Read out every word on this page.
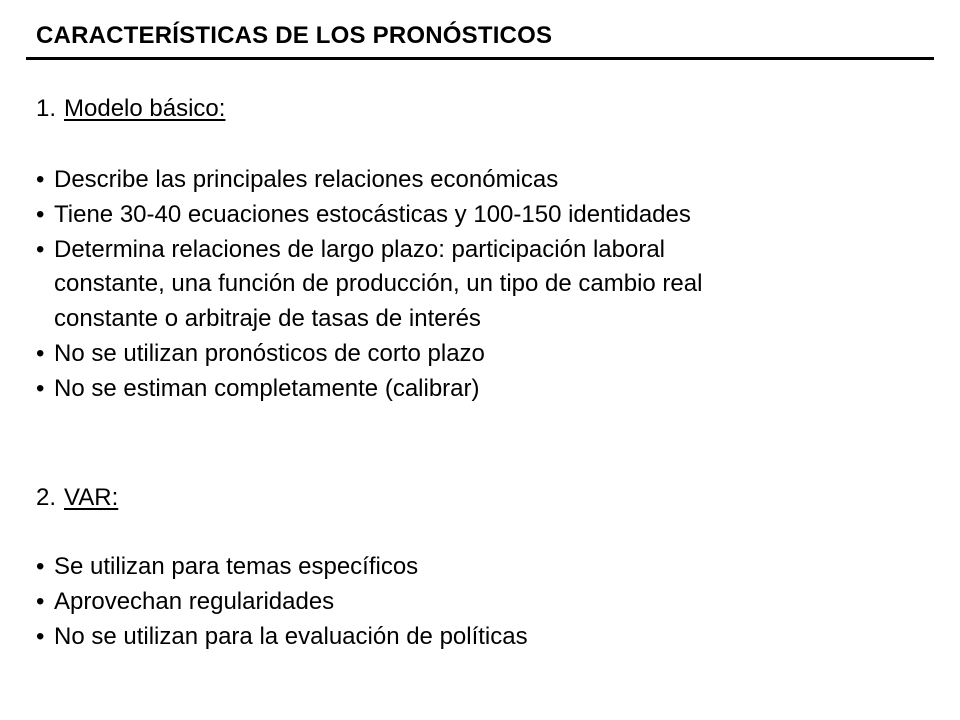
CARACTERÍSTICAS DE LOS PRONÓSTICOS
1. Modelo básico:
• Describe las principales relaciones económicas
• Tiene 30-40 ecuaciones estocásticas y 100-150 identidades
• Determina relaciones de largo plazo: participación laboral
constante, una función de producción, un tipo de cambio real
constante o arbitraje de tasas de interés
• No se utilizan pronósticos de corto plazo
• No se estiman completamente (calibrar)
2. VAR:
• Se utilizan para temas específicos
• Aprovechan regularidades
• No se utilizan para la evaluación de políticas
